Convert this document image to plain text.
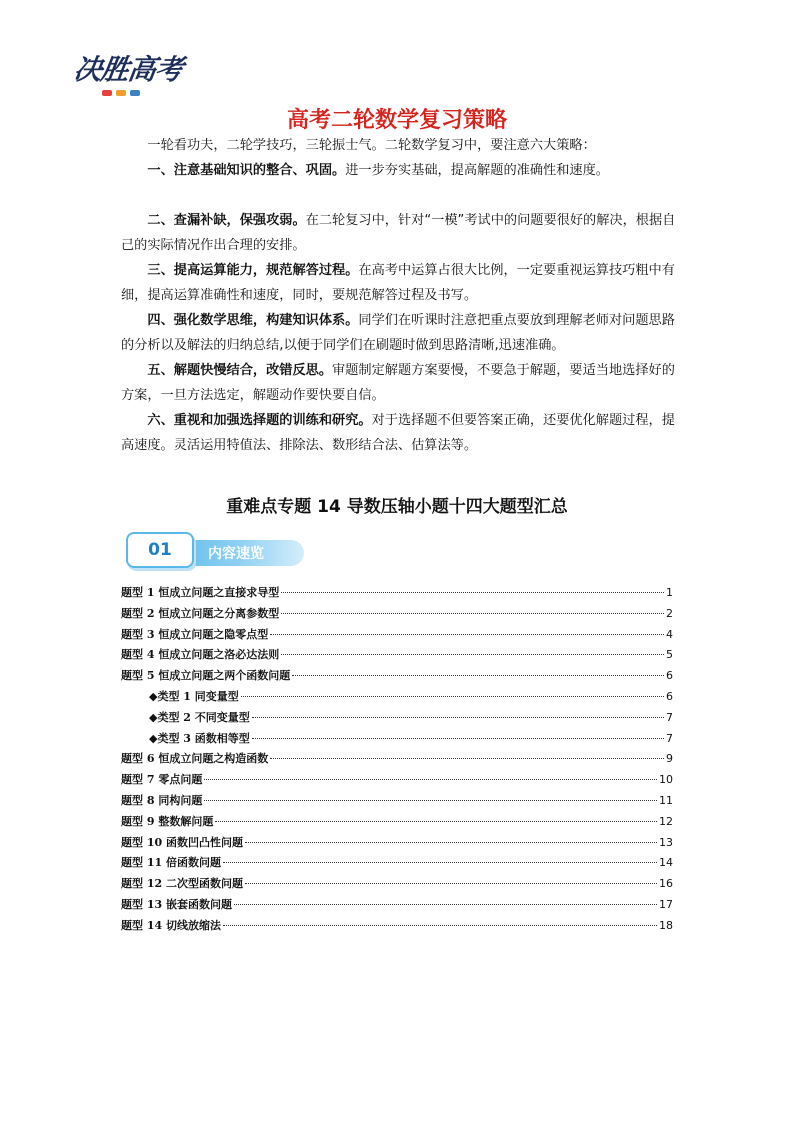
决胜高考
高考二轮数学复习策略
一轮看功夫，二轮学技巧，三轮振士气。二轮数学复习中，要注意六大策略：
一、注意基础知识的整合、巩固。进一步夯实基础，提高解题的准确性和速度。
二、查漏补缺，保强攻弱。在二轮复习中，针对“一模”考试中的问题要很好的解决，根据自己的实际情况作出合理的安排。
三、提高运算能力，规范解答过程。在高考中运算占很大比例，一定要重视运算技巧粗中有细，提高运算准确性和速度，同时，要规范解答过程及书写。
四、强化数学思维，构建知识体系。同学们在听课时注意把重点要放到理解老师对问题思路的分析以及解法的归纳总结,以便于同学们在刷题时做到思路清晰,迅速准确。
五、解题快慢结合，改错反思。审题制定解题方案要慢，不要急于解题，要适当地选择好的方案，一旦方法选定，解题动作要快要自信。
六、重视和加强选择题的训练和研究。对于选择题不但要答案正确，还要优化解题过程，提高速度。灵活运用特值法、排除法、数形结合法、估算法等。
重难点专题 14 导数压轴小题十四大题型汇总
01	内容速览
题型 1 恒成立问题之直接求导型	1
题型 2 恒成立问题之分离参数型	2
题型 3 恒成立问题之隐零点型	4
题型 4 恒成立问题之洛必达法则	5
题型 5 恒成立问题之两个函数问题	6
◆类型 1 同变量型	6
◆类型 2 不同变量型	7
◆类型 3 函数相等型	7
题型 6 恒成立问题之构造函数	9
题型 7 零点问题	10
题型 8 同构问题	11
题型 9 整数解问题	12
题型 10 函数凹凸性问题	13
题型 11 倍函数问题	14
题型 12 二次型函数问题	16
题型 13 嵌套函数问题	17
题型 14 切线放缩法	18
